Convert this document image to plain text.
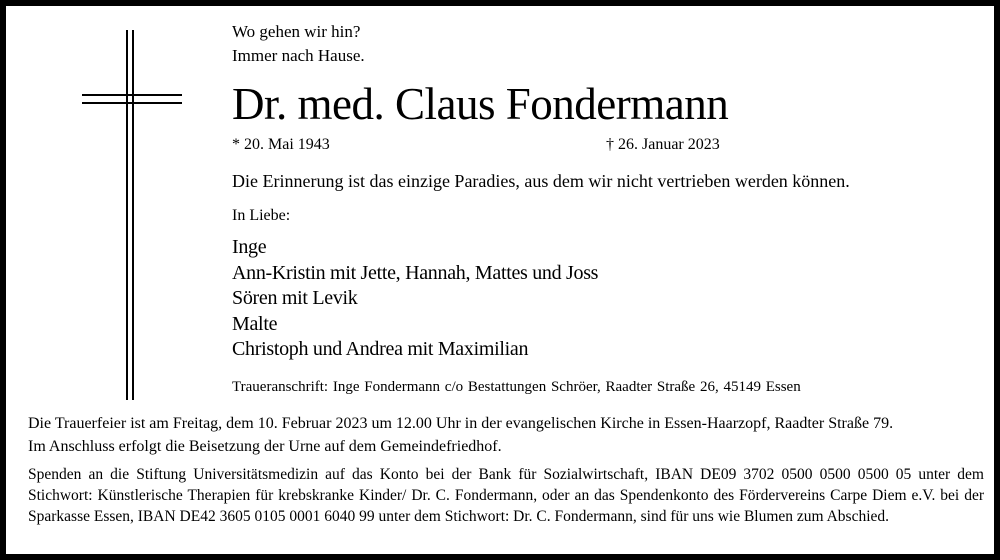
Wo gehen wir hin?
Immer nach Hause.
Dr. med. Claus Fondermann
* 20. Mai 1943	† 26. Januar 2023
Die Erinnerung ist das einzige Paradies, aus dem wir nicht vertrieben werden können.
In Liebe:
Inge
Ann-Kristin mit Jette, Hannah, Mattes und Joss
Sören mit Levik
Malte
Christoph und Andrea mit Maximilian
Traueranschrift: Inge Fondermann c/o Bestattungen Schröer, Raadter Straße 26, 45149 Essen
Die Trauerfeier ist am Freitag, dem 10. Februar 2023 um 12.00 Uhr in der evangelischen Kirche in Essen-Haarzopf, Raadter Straße 79.
Im Anschluss erfolgt die Beisetzung der Urne auf dem Gemeindefriedhof.
Spenden an die Stiftung Universitätsmedizin auf das Konto bei der Bank für Sozialwirtschaft, IBAN DE09 3702 0500 0500 0500 05 unter dem Stichwort: Künstlerische Therapien für krebskranke Kinder/ Dr. C. Fondermann, oder an das Spendenkonto des Fördervereins Carpe Diem e.V. bei der Sparkasse Essen, IBAN DE42 3605 0105 0001 6040 99 unter dem Stichwort: Dr. C. Fondermann, sind für uns wie Blumen zum Abschied.
